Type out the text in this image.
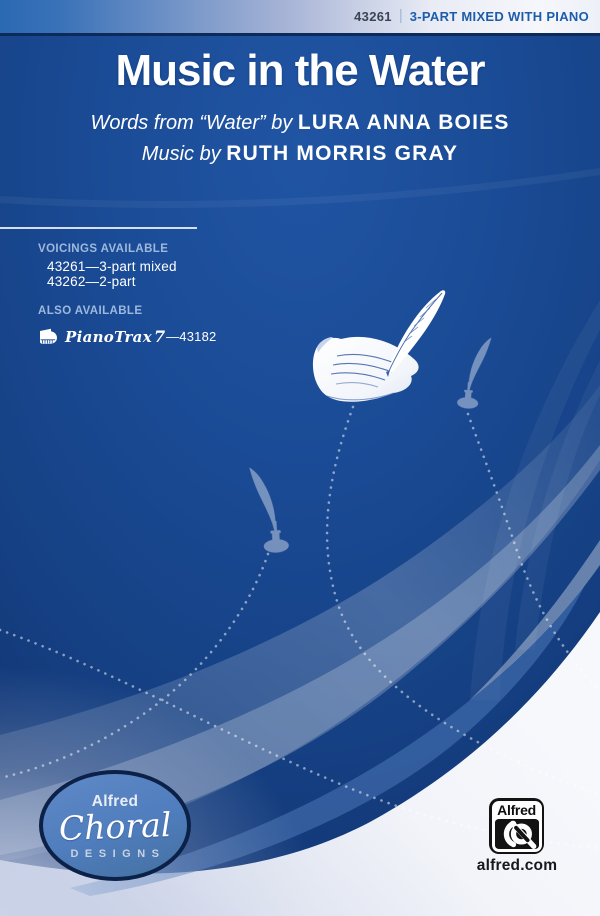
43261 | 3-PART MIXED WITH PIANO
Music in the Water
Words from “Water” by LURA ANNA BOIES
Music by RUTH MORRIS GRAY
VOICINGS AVAILABLE
43261—3-part mixed
43262—2-part
ALSO AVAILABLE
PianoTrax 7 —43182
Alfred
Choral
DESIGNS
Alfred
alfred.com
